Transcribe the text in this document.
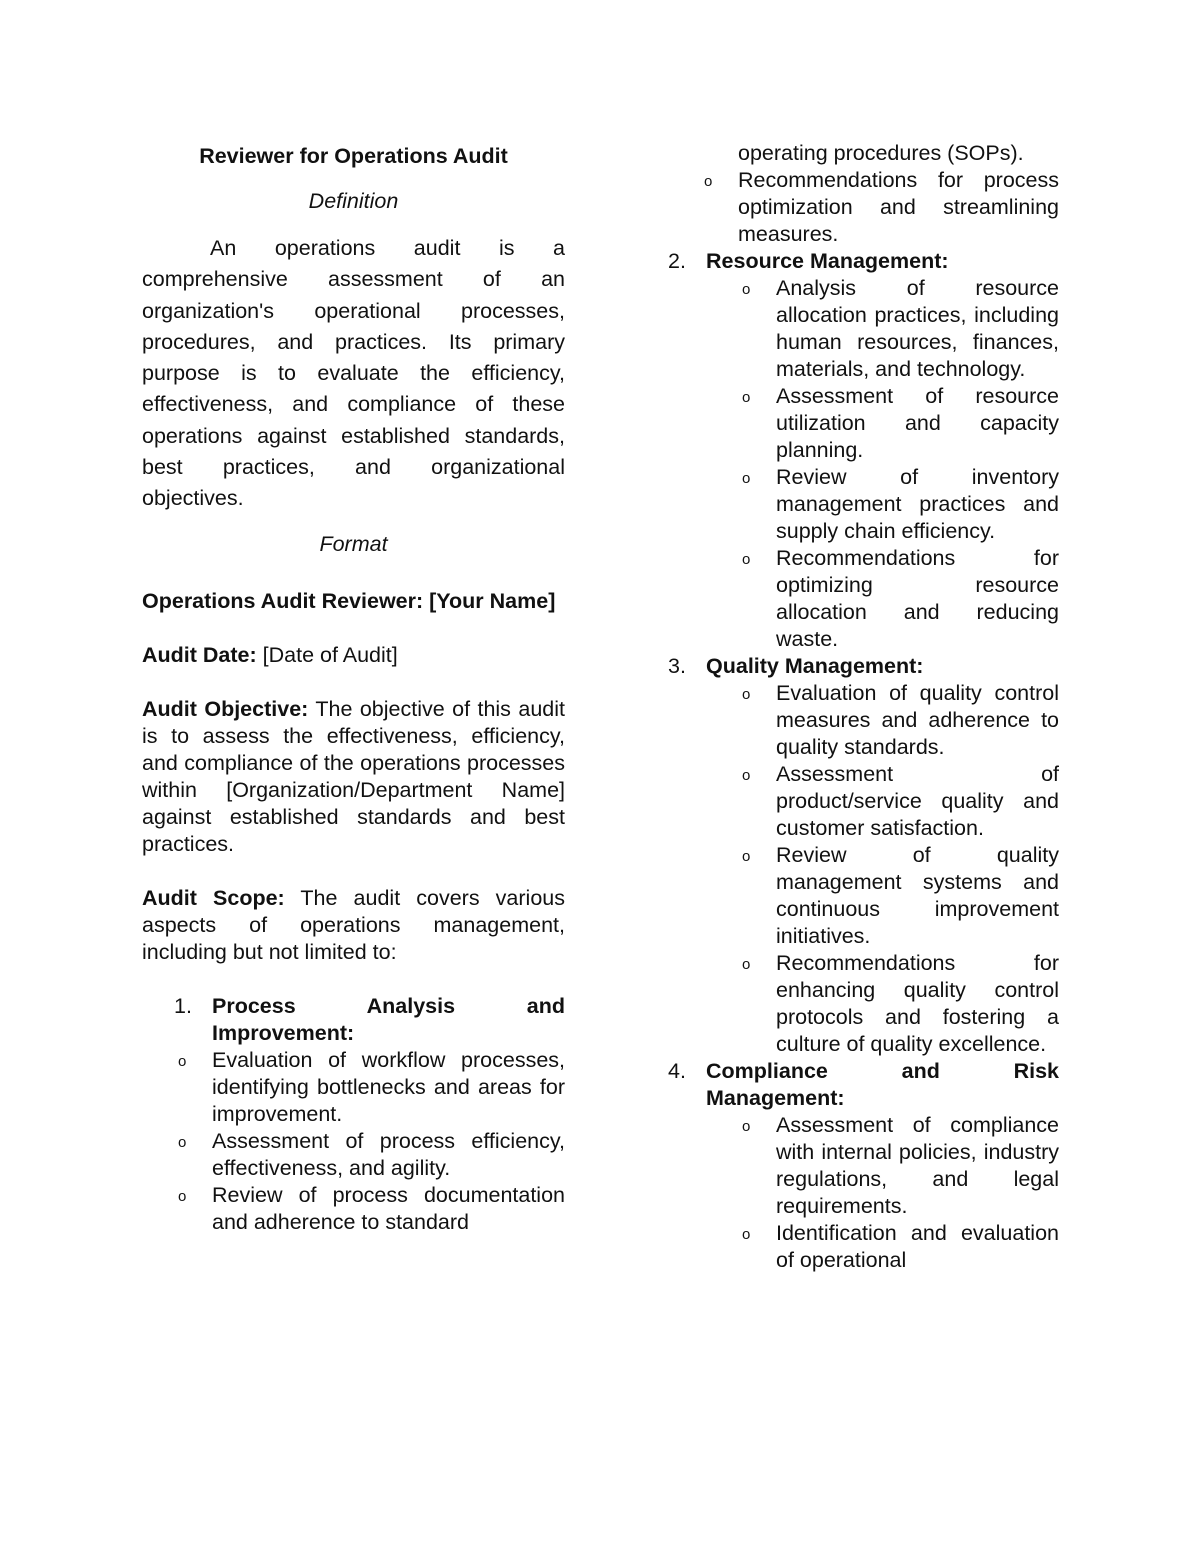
Reviewer for Operations Audit

Definition

An operations audit is a comprehensive assessment of an organization's operational processes, procedures, and practices. Its primary purpose is to evaluate the efficiency, effectiveness, and compliance of these operations against established standards, best practices, and organizational objectives.

Format

Operations Audit Reviewer: [Your Name]

Audit Date: [Date of Audit]

Audit Objective: The objective of this audit is to assess the effectiveness, efficiency, and compliance of the operations processes within [Organization/Department Name] against established standards and best practices.

Audit Scope: The audit covers various aspects of operations management, including but not limited to:

1. Process Analysis and Improvement:

o Evaluation of workflow processes, identifying bottlenecks and areas for improvement.
o Assessment of process efficiency, effectiveness, and agility.
o Review of process documentation and adherence to standard
operating procedures (SOPs).
o Recommendations for process optimization and streamlining measures.
2. Resource Management:

o Analysis of resource allocation practices, including human resources, finances, materials, and technology.
o Assessment of resource utilization and capacity planning.
o Review of inventory management practices and supply chain efficiency.
o Recommendations for optimizing resource allocation and reducing waste.
3. Quality Management:

o Evaluation of quality control measures and adherence to quality standards.
o Assessment of product/service quality and customer satisfaction.
o Review of quality management systems and continuous improvement initiatives.
o Recommendations for enhancing quality control protocols and fostering a culture of quality excellence.
4. Compliance and Risk Management:

o Assessment of compliance with internal policies, industry regulations, and legal requirements.
o Identification and evaluation of operational
